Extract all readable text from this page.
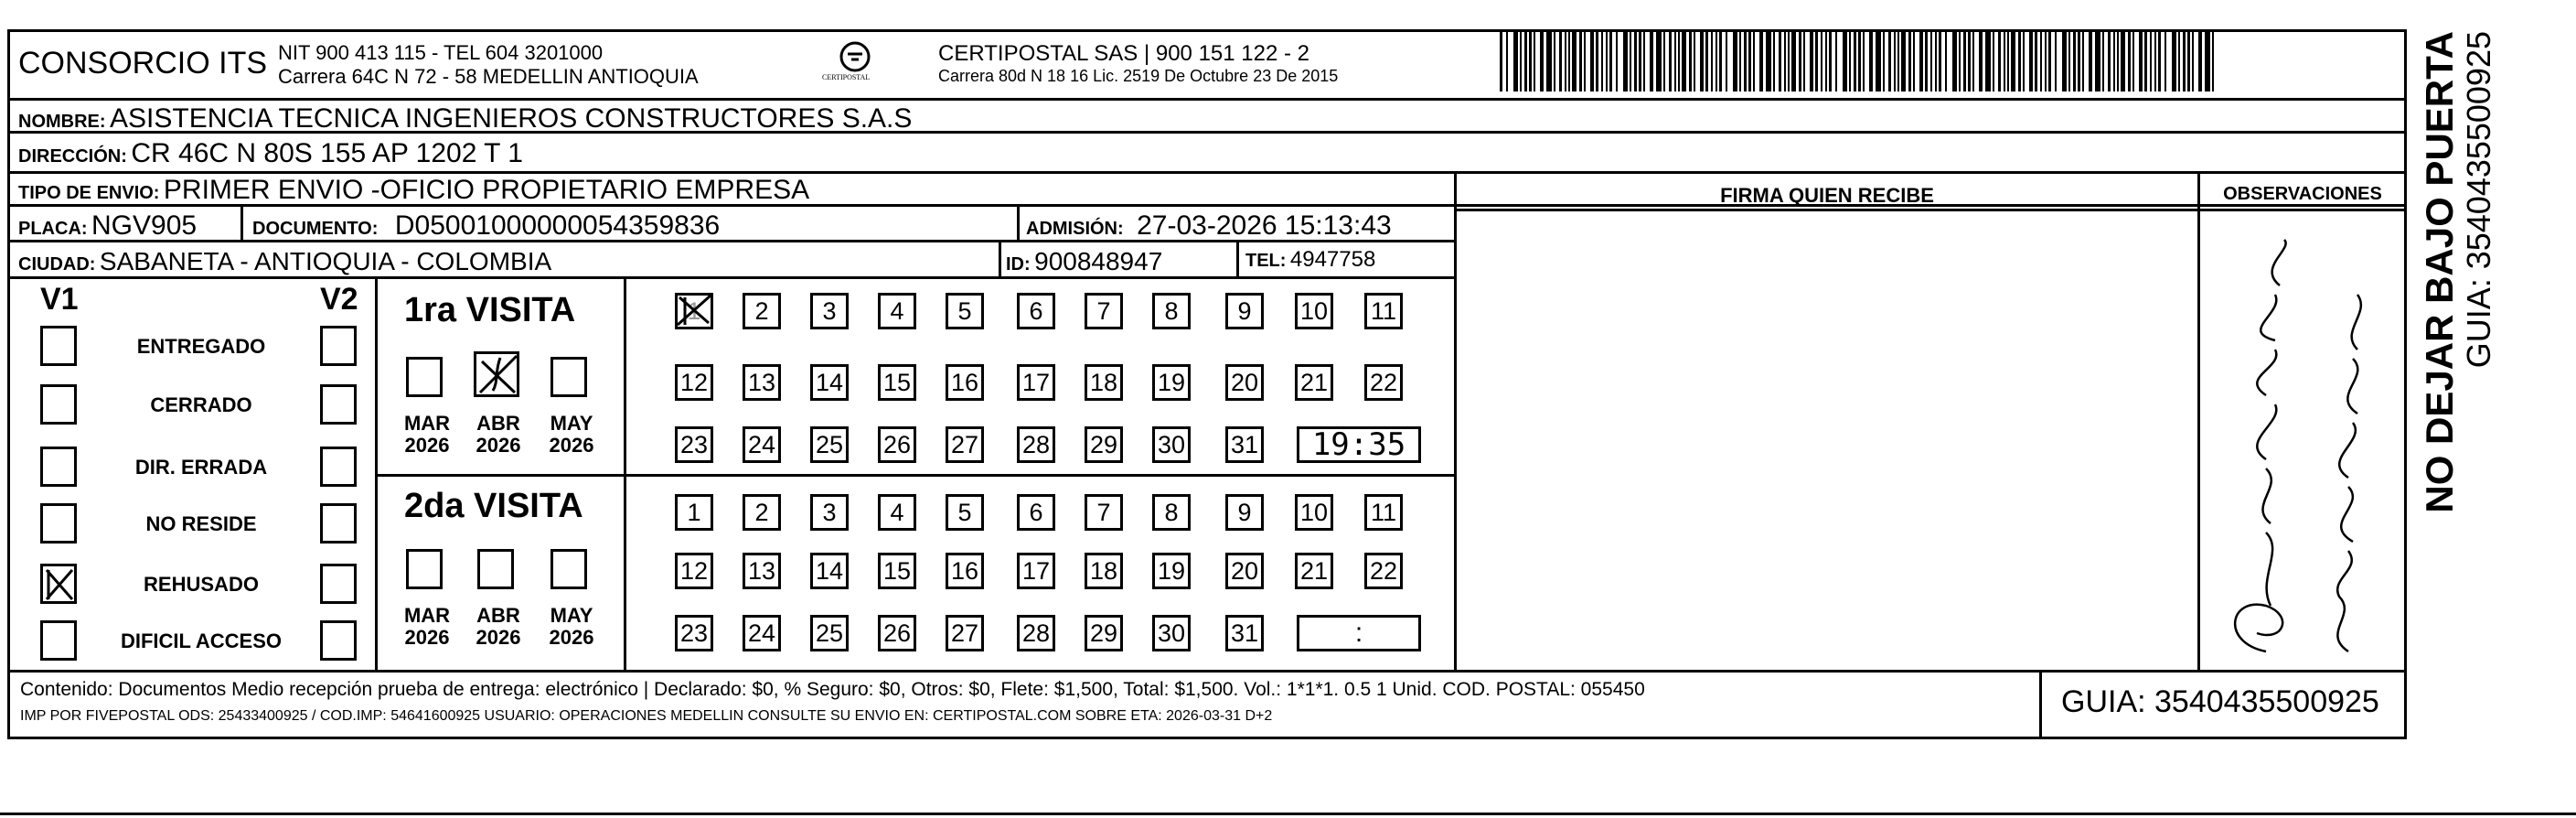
CONSORCIO ITS NIT 900 413 115 - TEL 604 3201000
Carrera 64C N 72 - 58 MEDELLIN ANTIOQUIA	CERTIPOSTAL
CERTIPOSTAL SAS | 900 151 122 - 2
Carrera 80d N 18 16 Lic. 2519 De Octubre 23 De 2015
NOMBRE: ASISTENCIA TECNICA INGENIEROS CONSTRUCTORES S.A.S
DIRECCIÓN: CR 46C N 80S 155 AP 1202 T 1
TIPO DE ENVIO: PRIMER ENVIO -OFICIO PROPIETARIO EMPRESA	FIRMA QUIEN RECIBE	OBSERVACIONES
PLACA: NGV905	DOCUMENTO: D05001000000054359836	ADMISIÓN: 27-03-2026 15:13:43
CIUDAD: SABANETA - ANTIOQUIA - COLOMBIA	ID: 900848947	TEL: 4947758
V1	V2
ENTREGADO
CERRADO
DIR. ERRADA
NO RESIDE
REHUSADO
DIFICIL ACCESO
1ra VISITA
2da VISITA
MAR
2026
ABR
2026
MAY
2026
MAR
2026
ABR
2026
MAY
2026
1	2	3	4	5	6	7	8	9	10 11
12 13 14 15 16 17 18 19 20 21 22
23 24 25 26 27 28 29 30 31	19:35
1	2	3	4	5	6	7	8	9	10 11
12 13 14 15 16 17 18 19 20 21 22
23 24 25 26 27 28 29 30 31	:
Contenido: Documentos Medio recepción prueba de entrega: electrónico | Declarado: $0, % Seguro: $0, Otros: $0, Flete: $1,500, Total: $1,500. Vol.: 1*1*1. 0.5 1 Unid. COD. POSTAL: 055450
IMP POR FIVEPOSTAL ODS: 25433400925 / COD.IMP: 54641600925 USUARIO: OPERACIONES MEDELLIN CONSULTE SU ENVIO EN: CERTIPOSTAL.COM SOBRE ETA: 2026-03-31 D+2	GUIA: 3540435500925
NO DEJAR BAJO PUERTA GUIA: 3540435500925
